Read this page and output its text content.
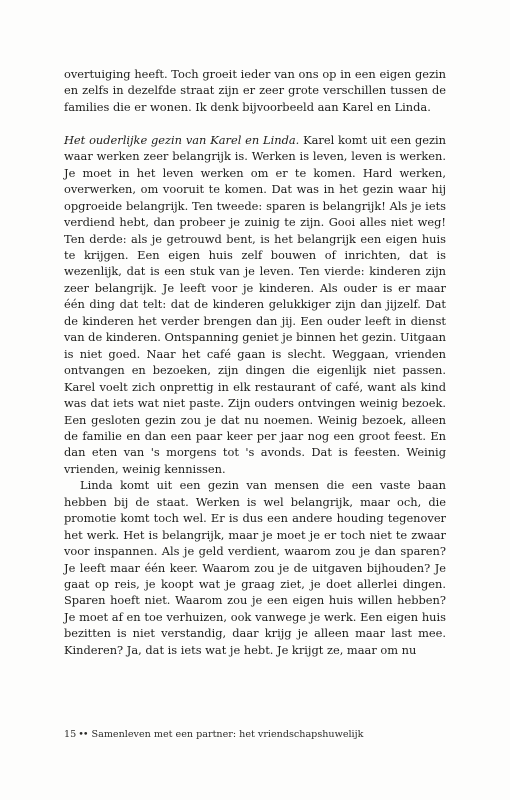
overtuiging heeft. Toch groeit ieder van ons op in een eigen gezin en zelfs in dezelfde straat zijn er zeer grote verschillen tussen de families die er wonen. Ik denk bijvoorbeeld aan Karel en Linda.

Het ouderlijke gezin van Karel en Linda. Karel komt uit een gezin waar werken zeer belangrijk is. Werken is leven, leven is werken. Je moet in het leven werken om er te komen. Hard werken, overwerken, om vooruit te komen. Dat was in het gezin waar hij opgroeide belangrijk. Ten tweede: sparen is belangrijk! Als je iets verdiend hebt, dan probeer je zuinig te zijn. Gooi alles niet weg! Ten derde: als je getrouwd bent, is het belangrijk een eigen huis te krijgen. Een eigen huis zelf bouwen of inrichten, dat is wezenlijk, dat is een stuk van je leven. Ten vierde: kinderen zijn zeer belangrijk. Je leeft voor je kinderen. Als ouder is er maar één ding dat telt: dat de kinderen gelukkiger zijn dan jijzelf. Dat de kinderen het verder brengen dan jij. Een ouder leeft in dienst van de kinderen. Ontspanning geniet je binnen het gezin. Uitgaan is niet goed. Naar het café gaan is slecht. Weggaan, vrienden ontvangen en bezoeken, zijn dingen die eigenlijk niet passen. Karel voelt zich onprettig in elk restaurant of café, want als kind was dat iets wat niet paste. Zijn ouders ontvingen weinig bezoek. Een gesloten gezin zou je dat nu noemen. Weinig bezoek, alleen de familie en dan een paar keer per jaar nog een groot feest. En dan eten van 's morgens tot 's avonds. Dat is feesten. Weinig vrienden, weinig kennissen.

Linda komt uit een gezin van mensen die een vaste baan hebben bij de staat. Werken is wel belangrijk, maar och, die promotie komt toch wel. Er is dus een andere houding tegenover het werk. Het is belangrijk, maar je moet je er toch niet te zwaar voor inspannen. Als je geld verdient, waarom zou je dan sparen? Je leeft maar één keer. Waarom zou je de uitgaven bijhouden? Je gaat op reis, je koopt wat je graag ziet, je doet allerlei dingen. Sparen hoeft niet. Waarom zou je een eigen huis willen hebben? Je moet af en toe verhuizen, ook vanwege je werk. Een eigen huis bezitten is niet verstandig, daar krijg je alleen maar last mee. Kinderen? Ja, dat is iets wat je hebt. Je krijgt ze, maar om nu

15 •• Samenleven met een partner: het vriendschapshuwelijk
